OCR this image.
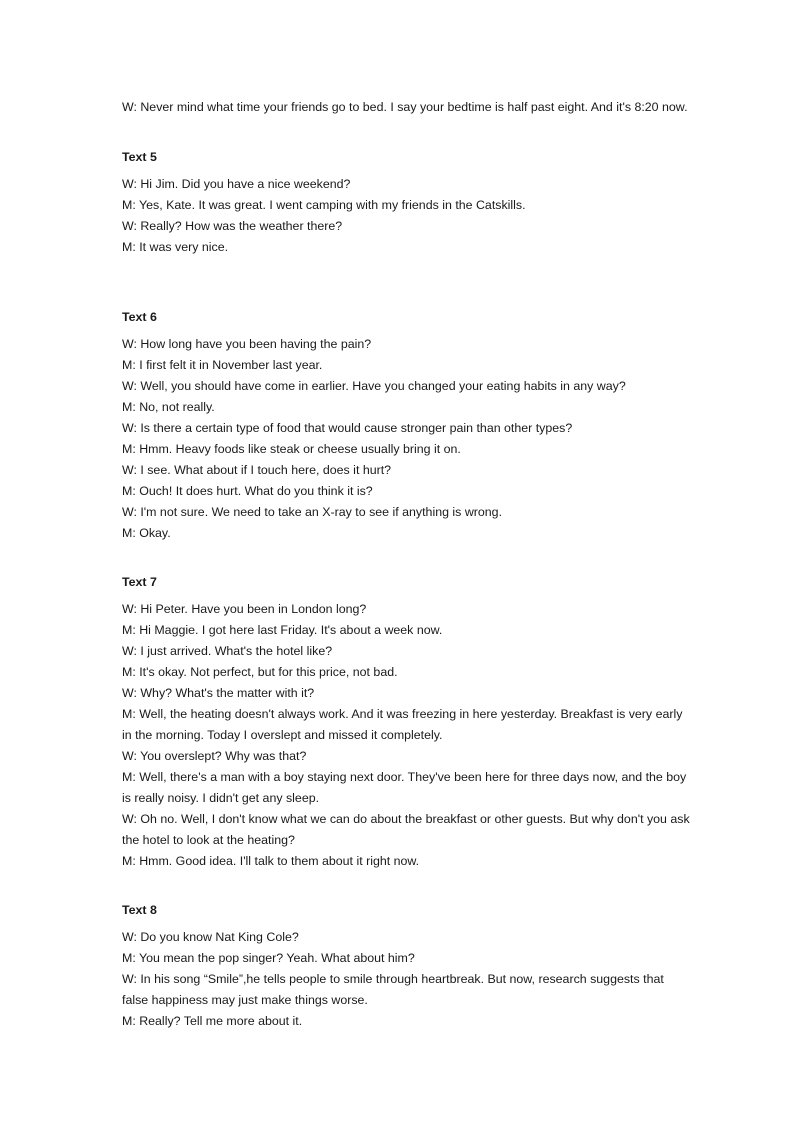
W: Never mind what time your friends go to bed. I say your bedtime is half past eight. And it's 8:20 now.
Text 5
W: Hi Jim. Did you have a nice weekend?
M: Yes, Kate. It was great. I went camping with my friends in the Catskills.
W: Really? How was the weather there?
M: It was very nice.
Text 6
W: How long have you been having the pain?
M: I first felt it in November last year.
W: Well, you should have come in earlier. Have you changed your eating habits in any way?
M: No, not really.
W: Is there a certain type of food that would cause stronger pain than other types?
M: Hmm. Heavy foods like steak or cheese usually bring it on.
W: I see. What about if I touch here, does it hurt?
M: Ouch! It does hurt. What do you think it is?
W: I'm not sure. We need to take an X-ray to see if anything is wrong.
M: Okay.
Text 7
W: Hi Peter. Have you been in London long?
M: Hi Maggie. I got here last Friday. It's about a week now.
W: I just arrived. What's the hotel like?
M: It's okay. Not perfect, but for this price, not bad.
W: Why? What's the matter with it?
M: Well, the heating doesn't always work. And it was freezing in here yesterday. Breakfast is very early
in the morning. Today I overslept and missed it completely.
W: You overslept? Why was that?
M: Well, there's a man with a boy staying next door. They've been here for three days now, and the boy
is really noisy. I didn't get any sleep.
W: Oh no. Well, I don't know what we can do about the breakfast or other guests. But why don't you ask
the hotel to look at the heating?
M: Hmm. Good idea. I'll talk to them about it right now.
Text 8
W: Do you know Nat King Cole?
M: You mean the pop singer? Yeah. What about him?
W: In his song “Smile”,he tells people to smile through heartbreak. But now, research suggests that
false happiness may just make things worse.
M: Really? Tell me more about it.
